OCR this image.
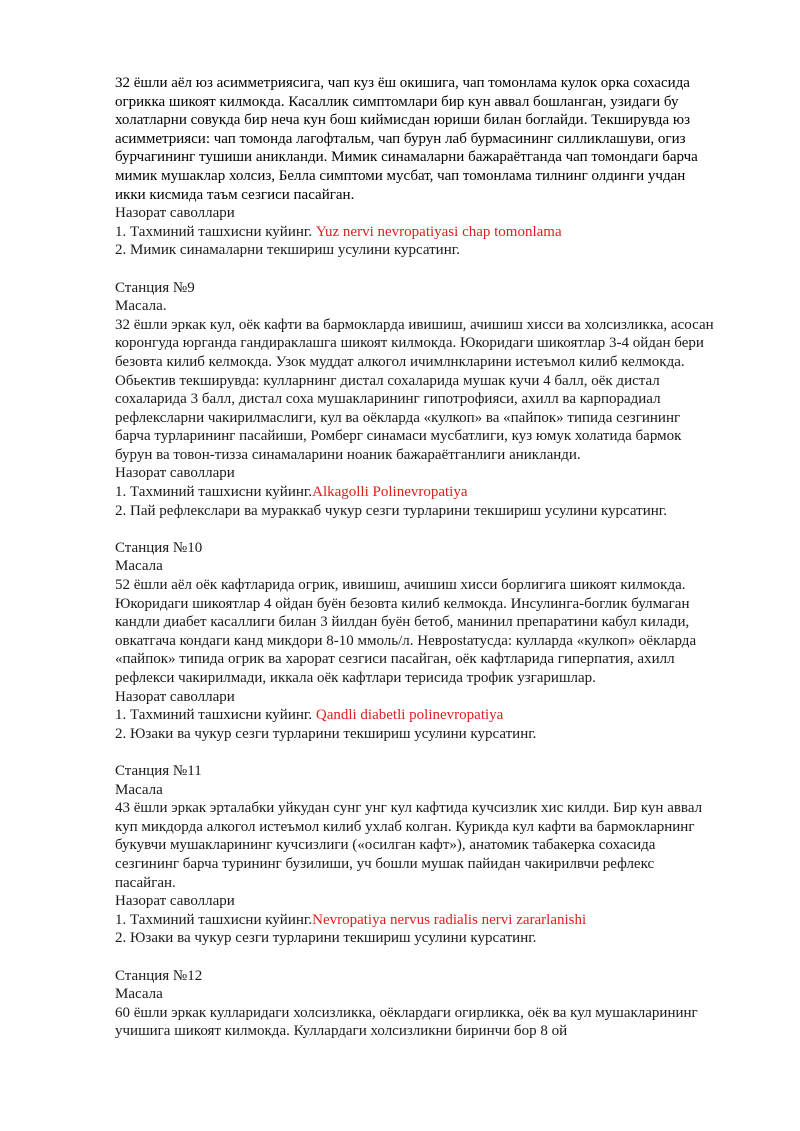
32 ёшли аёл юз асимметриясига, чап куз ёш окишига, чап томонлама кулок орка сохасида огрикка шикоят килмокда. Касаллик симптомлари бир кун аввал бошланган, узидаги бу холатларни совукда бир неча кун бош киймисдан юриши билан боглайди. Текширувда юз асимметрияси: чап томонда лагофтальм, чап бурун лаб бурмасининг силликлашуви, огиз бурчагининг тушиши аникланди. Мимик синамаларни бажараётганда чап томондаги барча мимик мушаклар холсиз, Белла симптоми мусбат, чап томонлама тилнинг олдинги учдан икки кисмида таъм сезгиси пасайган.

Назорат саволлари

1. Тахминий ташхисни куйинг. Yuz nervi nevropatiyasi chap tomonlama

2. Мимик синамаларни текшириш усулини курсатинг.

Станция №9

Масала.

32 ёшли эркак кул, оёк кафти ва бармокларда ивишиш, ачишиш хисси ва холсизликка, асосан коронгуда юрганда гандираклашга шикоят килмокда. Юкоридаги шикоятлар 3-4 ойдан бери безовта килиб келмокда. Узок муддат алкогол ичимлнкларини истеъмол килиб келмокда. Обьектив текширувда: кулларнинг дистал сохаларида мушак кучи 4 балл, оёк дистал сохаларида 3 балл, дистал соха мушакларининг гипотрофияси, ахилл ва карпорадиал рефлексларни чакирилмаслиги, кул ва оёкларда «кулкоп» ва «пайпок» типида сезгининг барча турларининг пасайиши, Ромберг синамаси мусбатлиги, куз юмук холатида бармок бурун ва товон-тизза синамаларини ноаник бажараётганлиги аникланди.

Назорат саволлари

1. Тахминий ташхисни куйинг.Alkagolli Polinevropatiya

2. Пай рефлекслари ва мураккаб чукур сезги турларини текшириш усулини курсатинг.

Станция №10

Масала

52 ёшли аёл оёк кафтларида огрик, ивишиш, ачишиш хисси борлигига шикоят килмокда. Юкоридаги шикоятлар 4 ойдан буён безовта килиб келмокда. Инсулинга-боглик булмаган кандли диабет касаллиги билан 3 йилдан буён бетоб, манинил препаратини кабул килади, овкатгача кондаги канд микдори 8-10 ммоль/л. Неврostатусда: кулларда «кулкоп» оёкларда «пайпок» типида огрик ва харорат сезгиси пасайган, оёк кафтларида гиперпатия, ахилл рефлекси чакирилмади, иккала оёк кафтлари терисида трофик узгаришлар.

Назорат саволлари

1. Тахминий ташхисни куйинг. Qandli diabetli polinevropatiya

2. Юзаки ва чукур сезги турларини текшириш усулини курсатинг.

Станция №11

Масала

43 ёшли эркак эрталабки уйкудан сунг унг кул кафтида кучсизлик хис килди. Бир кун аввал куп микдорда алкогол истеъмол килиб ухлаб колган. Курикда кул кафти ва бармокларнинг букувчи мушакларининг кучсизлиги («осилган кафт»), анатомик табакерка сохасида сезгининг барча турининг бузилиши, уч бошли мушак пайидан чакирилвчи рефлекс пасайган.

Назорат саволлари

1. Тахминий ташхисни куйинг.Nevropatiya nervus radialis nervi zararlanishi

2. Юзаки ва чукур сезги турларини текшириш усулини курсатинг.

Станция №12

Масала

60 ёшли эркак кулларидаги холсизликка, оёклардаги огирликка, оёк ва кул мушакларининг учишига шикоят килмокда. Куллардаги холсизликни биринчи бор 8 ой
